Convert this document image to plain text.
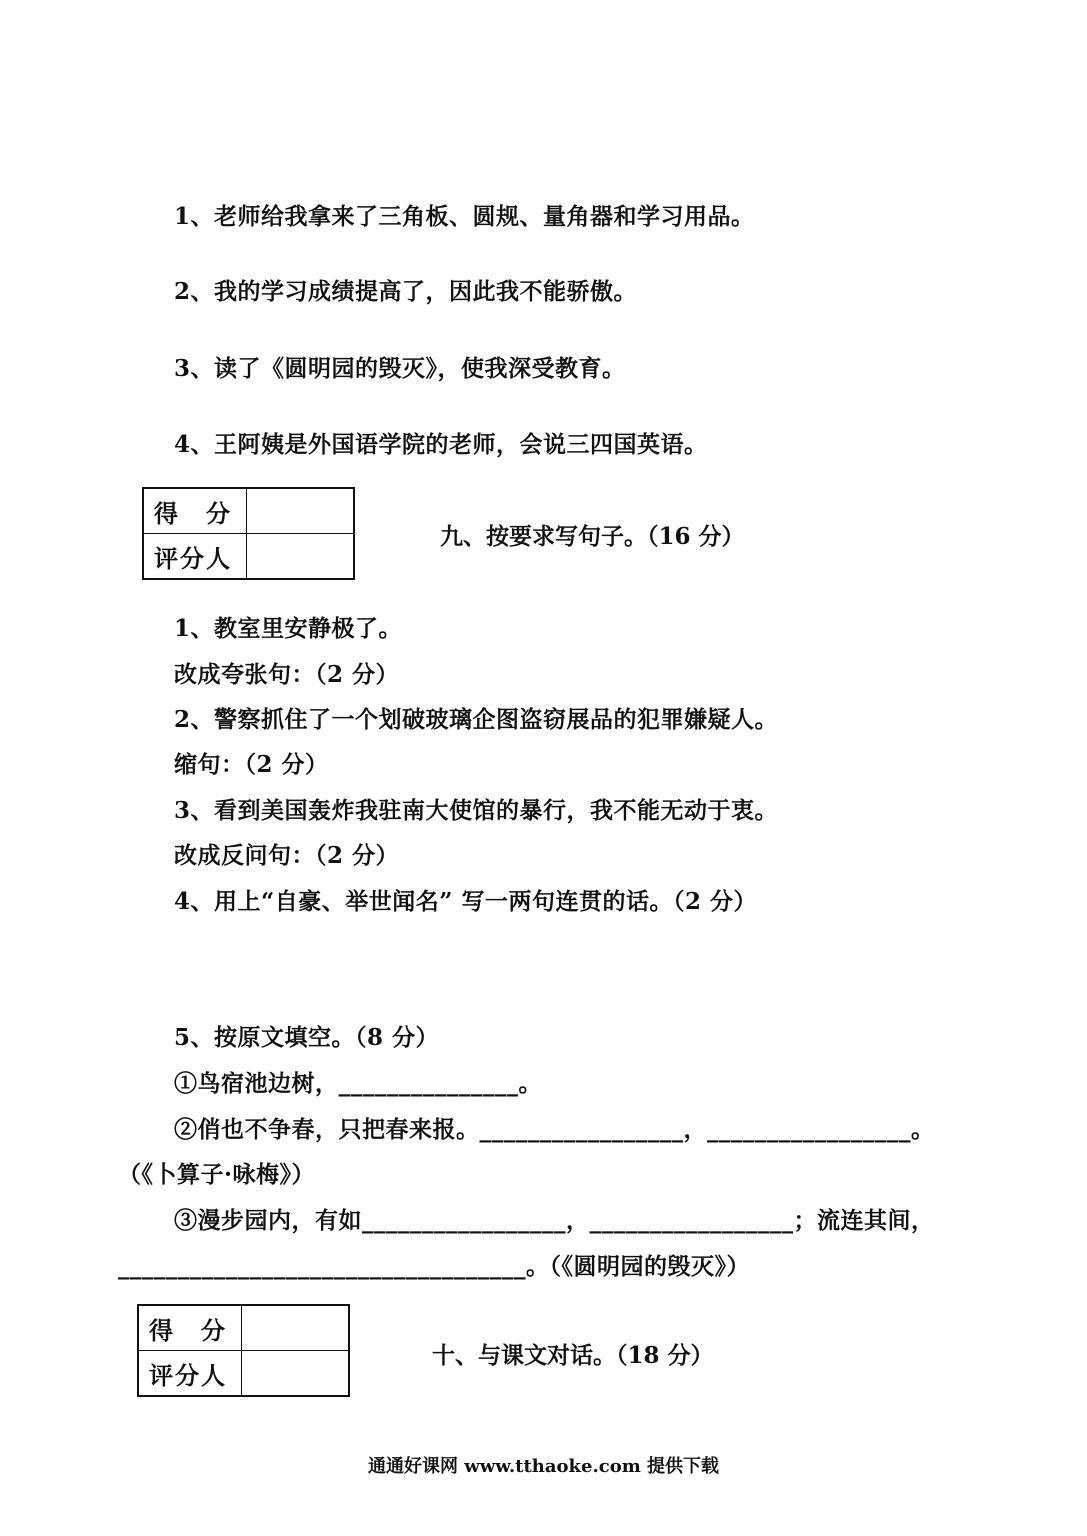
1、老师给我拿来了三角板、圆规、量角器和学习用品。
2、我的学习成绩提高了，因此我不能骄傲。
3、读了《圆明园的毁灭》，使我深受教育。
4、王阿姨是外国语学院的老师，会说三四国英语。
得　分	
评分人	
九、按要求写句子。（16 分）
1、教室里安静极了。
改成夸张句：（2 分）
2、警察抓住了一个划破玻璃企图盗窃展品的犯罪嫌疑人。
缩句：（2 分）
3、看到美国轰炸我驻南大使馆的暴行，我不能无动于衷。
改成反问句：（2 分）
4、用上“自豪、举世闻名” 写一两句连贯的话。（2 分）
5、按原文填空。（8 分）
①鸟宿池边树，_______________。
②俏也不争春，只把春来报。_________________，_________________。
（《卜算子·咏梅》）
③漫步园内，有如_________________，_________________；流连其间，
__________________________________。（《圆明园的毁灭》）
得　分	
评分人	
十、与课文对话。（18 分）
通通好课网 www.tthaoke.com 提供下载
